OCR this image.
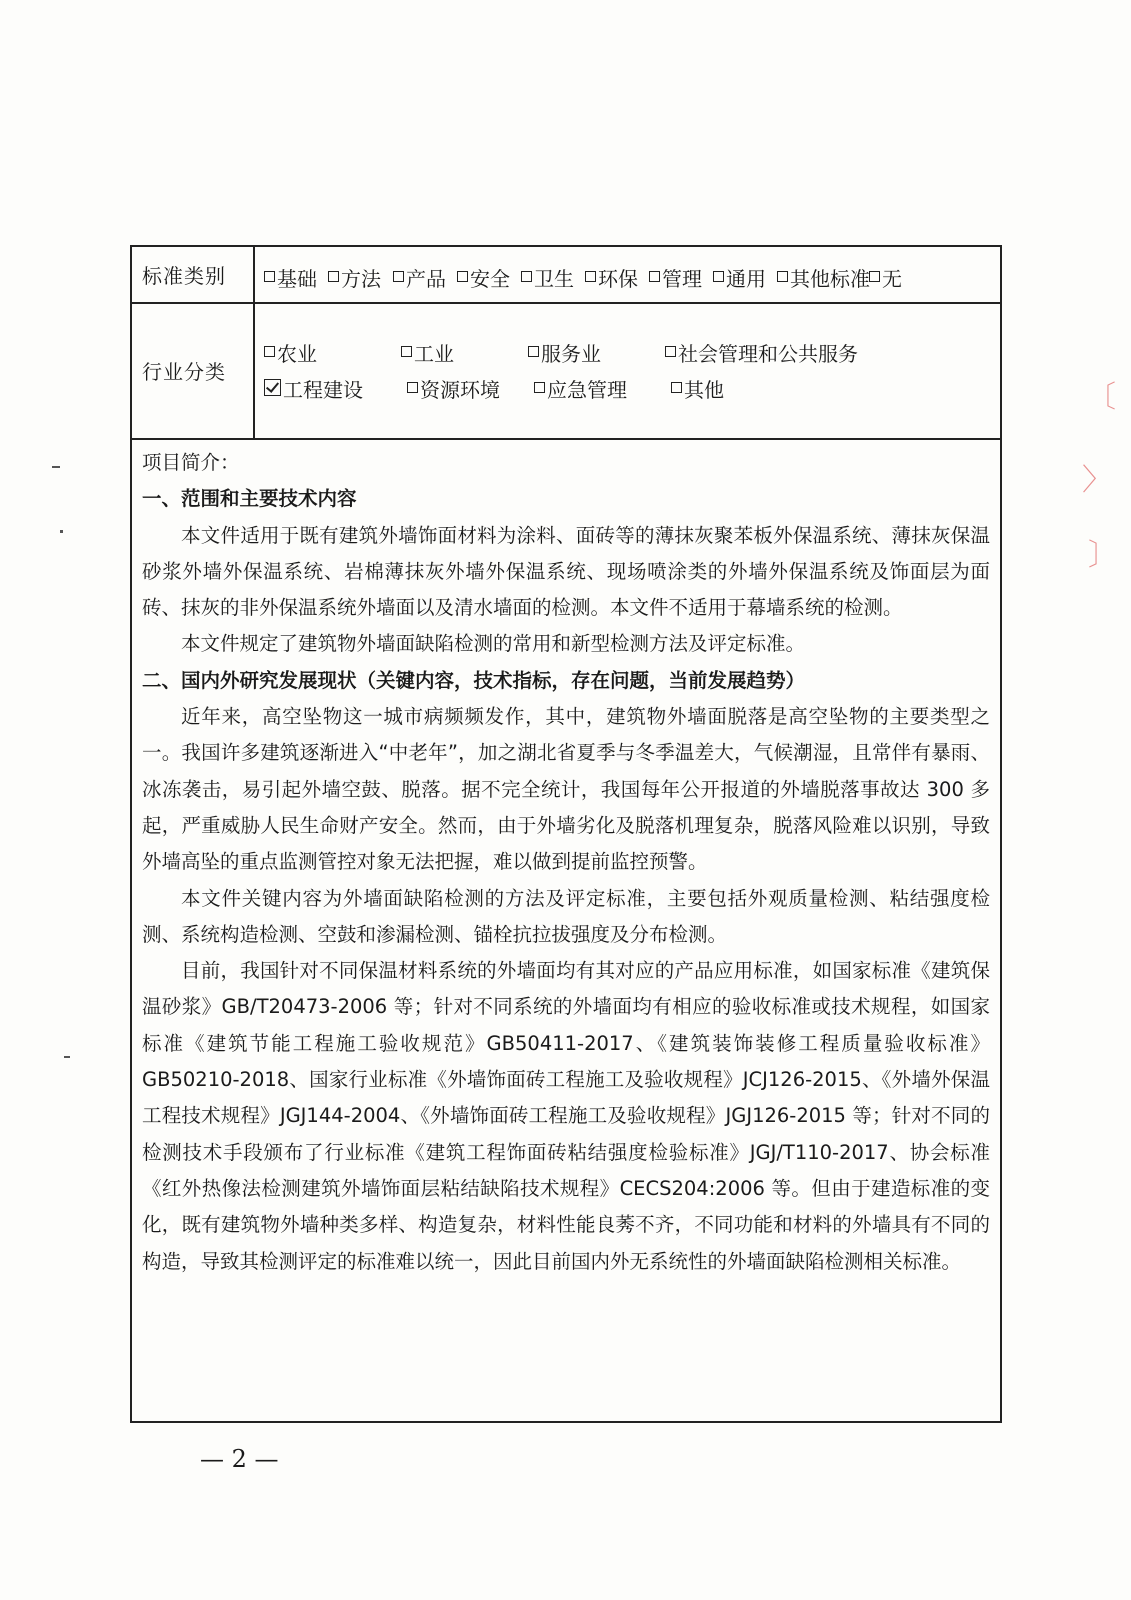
标准类别	基础 方法 产品 安全 卫生 环保 管理 通用 其他标准 无
行业分类
农业	工业	服务业	社会管理和公共服务
工程建设	资源环境 应急管理	其他

项目简介：

一、范围和主要技术内容

本文件适用于既有建筑外墙饰面材料为涂料、面砖等的薄抹灰聚苯板外保温系统、薄抹灰保温砂浆外墙外保温系统、岩棉薄抹灰外墙外保温系统、现场喷涂类的外墙外保温系统及饰面层为面砖、抹灰的非外保温系统外墙面以及清水墙面的检测。本文件不适用于幕墙系统的检测。

本文件规定了建筑物外墙面缺陷检测的常用和新型检测方法及评定标准。

二、国内外研究发展现状（关键内容，技术指标，存在问题，当前发展趋势）

近年来，高空坠物这一城市病频频发作，其中，建筑物外墙面脱落是高空坠物的主要类型之一。我国许多建筑逐渐进入“中老年”，加之湖北省夏季与冬季温差大，气候潮湿，且常伴有暴雨、冰冻袭击，易引起外墙空鼓、脱落。据不完全统计，我国每年公开报道的外墙脱落事故达 300 多起，严重威胁人民生命财产安全。然而，由于外墙劣化及脱落机理复杂，脱落风险难以识别，导致外墙高坠的重点监测管控对象无法把握，难以做到提前监控预警。

本文件关键内容为外墙面缺陷检测的方法及评定标准，主要包括外观质量检测、粘结强度检测、系统构造检测、空鼓和渗漏检测、锚栓抗拉拔强度及分布检测。

目前，我国针对不同保温材料系统的外墙面均有其对应的产品应用标准，如国家标准《建筑保温砂浆》GB/T20473-2006 等；针对不同系统的外墙面均有相应的验收标准或技术规程，如国家标准《建筑节能工程施工验收规范》GB50411-2017、《建筑装饰装修工程质量验收标准》GB50210-2018、国家行业标准《外墙饰面砖工程施工及验收规程》JCJ126-2015、《外墙外保温工程技术规程》JGJ144-2004、《外墙饰面砖工程施工及验收规程》JGJ126-2015 等；针对不同的检测技术手段颁布了行业标准《建筑工程饰面砖粘结强度检验标准》JGJ/T110-2017、协会标准《红外热像法检测建筑外墙饰面层粘结缺陷技术规程》CECS204:2006 等。但由于建造标准的变化，既有建筑物外墙种类多样、构造复杂，材料性能良莠不齐，不同功能和材料的外墙具有不同的构造，导致其检测评定的标准难以统一，因此目前国内外无系统性的外墙面缺陷检测相关标准。

— 2 —
〔
〉
〕
